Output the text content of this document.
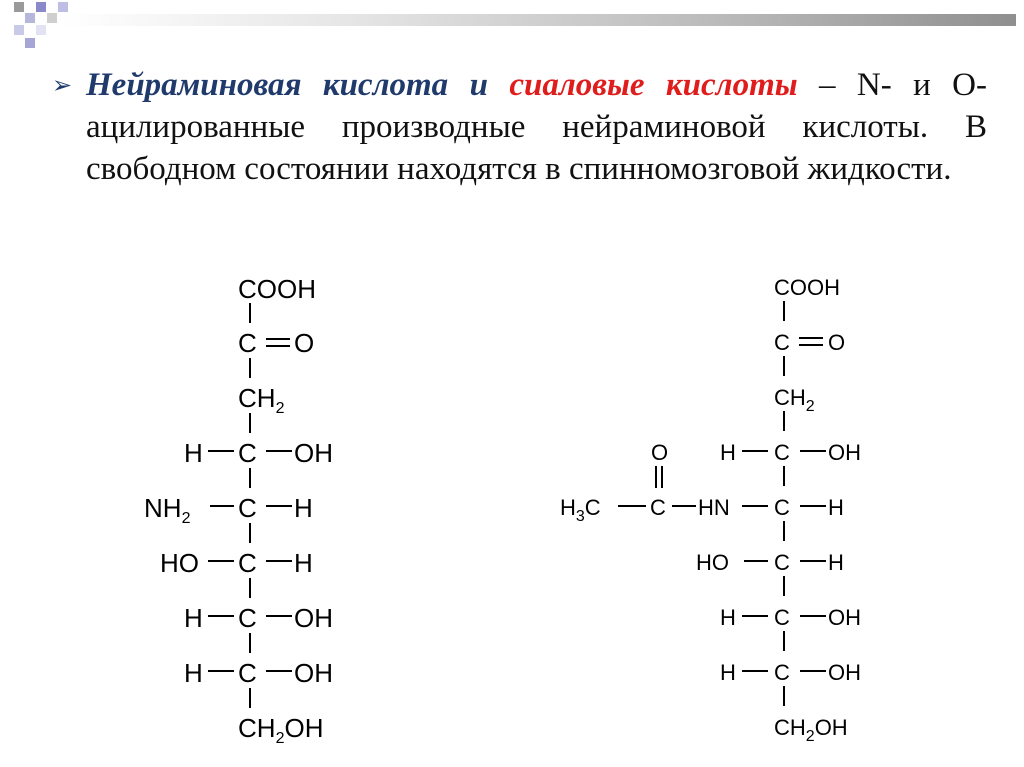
➢ Нейраминовая кислота и сиаловые кислоты – N- и O-ацилированные производные нейраминовой кислоты. В свободном состоянии находятся в спинномозговой жидкости.
COOH
C O
$CH_2$
H C OH
$NH_2$ C H
HO C H
H C OH
H C OH
$CH_2OH$
COOH
C O
$CH_2$
O H C OH
$H_3C$ C HN C H
HO C H
H C OH
H C OH
$CH_2OH$
